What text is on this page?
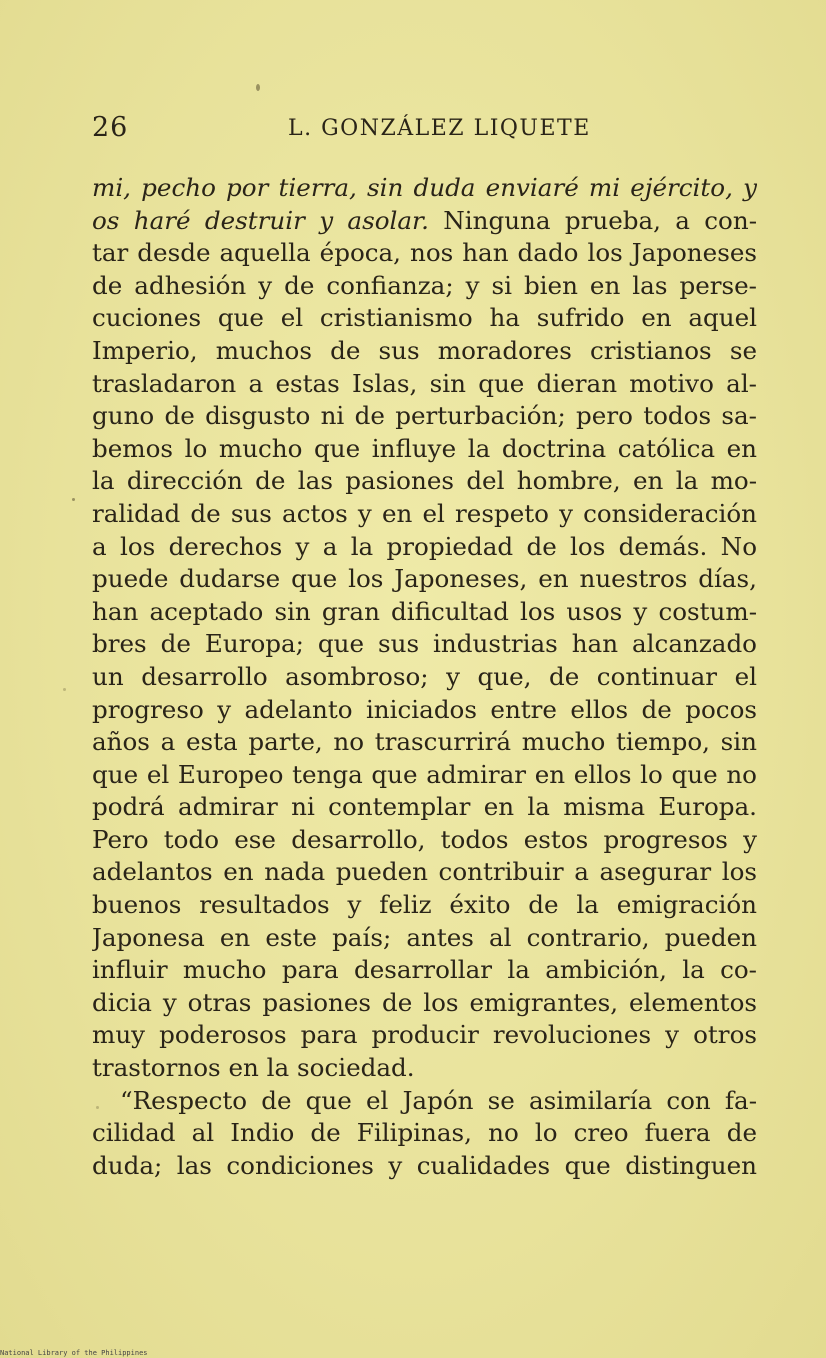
26	L. GONZÁLEZ LIQUETE
mi, pecho por tierra, sin duda enviaré mi ejército, y
os haré destruir y asolar. Ninguna prueba, a con-
tar desde aquella época, nos han dado los Japoneses
de adhesión y de confianza; y si bien en las perse-
cuciones que el cristianismo ha sufrido en aquel
Imperio, muchos de sus moradores cristianos se
trasladaron a estas Islas, sin que dieran motivo al-
guno de disgusto ni de perturbación; pero todos sa-
bemos lo mucho que influye la doctrina católica en
la dirección de las pasiones del hombre, en la mo-
ralidad de sus actos y en el respeto y consideración
a los derechos y a la propiedad de los demás. No
puede dudarse que los Japoneses, en nuestros días,
han aceptado sin gran dificultad los usos y costum-
bres de Europa; que sus industrias han alcanzado
un desarrollo asombroso; y que, de continuar el
progreso y adelanto iniciados entre ellos de pocos
años a esta parte, no trascurrirá mucho tiempo, sin
que el Europeo tenga que admirar en ellos lo que no
podrá admirar ni contemplar en la misma Europa.
Pero todo ese desarrollo, todos estos progresos y
adelantos en nada pueden contribuir a asegurar los
buenos resultados y feliz éxito de la emigración
Japonesa en este país; antes al contrario, pueden
influir mucho para desarrollar la ambición, la co-
dicia y otras pasiones de los emigrantes, elementos
muy poderosos para producir revoluciones y otros
trastornos en la sociedad.
“Respecto de que el Japón se asimilaría con fa-
cilidad al Indio de Filipinas, no lo creo fuera de
duda; las condiciones y cualidades que distinguen
National Library of the Philippines
